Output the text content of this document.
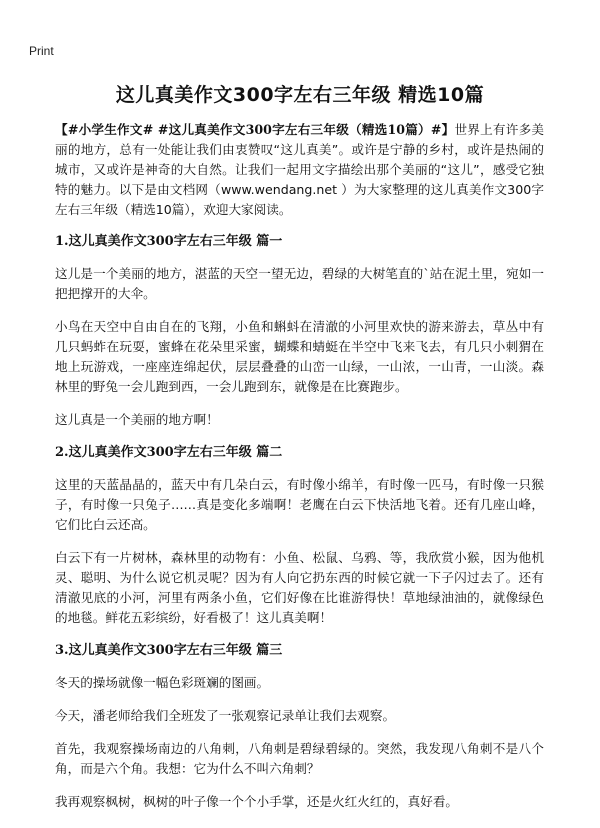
Print
这儿真美作文300字左右三年级 精选10篇

【#小学生作文# #这儿真美作文300字左右三年级（精选10篇）#】世界上有许多美丽的地方，总有一处能让我们由衷赞叹“这儿真美”。或许是宁静的乡村，或许是热闹的城市，又或许是神奇的大自然。让我们一起用文字描绘出那个美丽的“这儿”，感受它独特的魅力。以下是由文档网（www.wendang.net ）为大家整理的这儿真美作文300字左右三年级（精选10篇），欢迎大家阅读。

1.这儿真美作文300字左右三年级 篇一

这儿是一个美丽的地方，湛蓝的天空一望无边，碧绿的大树笔直的`站在泥土里，宛如一把把撑开的大伞。

小鸟在天空中自由自在的飞翔，小鱼和蝌蚪在清澈的小河里欢快的游来游去，草丛中有几只蚂蚱在玩耍，蜜蜂在花朵里采蜜，蝴蝶和蜻蜓在半空中飞来飞去，有几只小刺猬在地上玩游戏，一座座连绵起伏，层层叠叠的山峦一山绿，一山浓，一山青，一山淡。森林里的野兔一会儿跑到西，一会儿跑到东，就像是在比赛跑步。

这儿真是一个美丽的地方啊！

2.这儿真美作文300字左右三年级 篇二

这里的天蓝晶晶的，蓝天中有几朵白云，有时像小绵羊，有时像一匹马，有时像一只猴子，有时像一只兔子……真是变化多端啊！老鹰在白云下快活地飞着。还有几座山峰，它们比白云还高。

白云下有一片树林，森林里的动物有：小鱼、松鼠、乌鸦、等，我欣赏小猴，因为他机灵、聪明、为什么说它机灵呢？因为有人向它扔东西的时候它就一下子闪过去了。还有清澈见底的小河，河里有两条小鱼，它们好像在比谁游得快！草地绿油油的，就像绿色的地毯。鲜花五彩缤纷，好看极了！这儿真美啊！

3.这儿真美作文300字左右三年级 篇三

冬天的操场就像一幅色彩斑斓的图画。

今天，潘老师给我们全班发了一张观察记录单让我们去观察。

首先，我观察操场南边的八角刺，八角刺是碧绿碧绿的。突然，我发现八角刺不是八个角，而是六个角。我想：它为什么不叫六角刺？

我再观察枫树，枫树的叶子像一个个小手掌，还是火红火红的，真好看。
